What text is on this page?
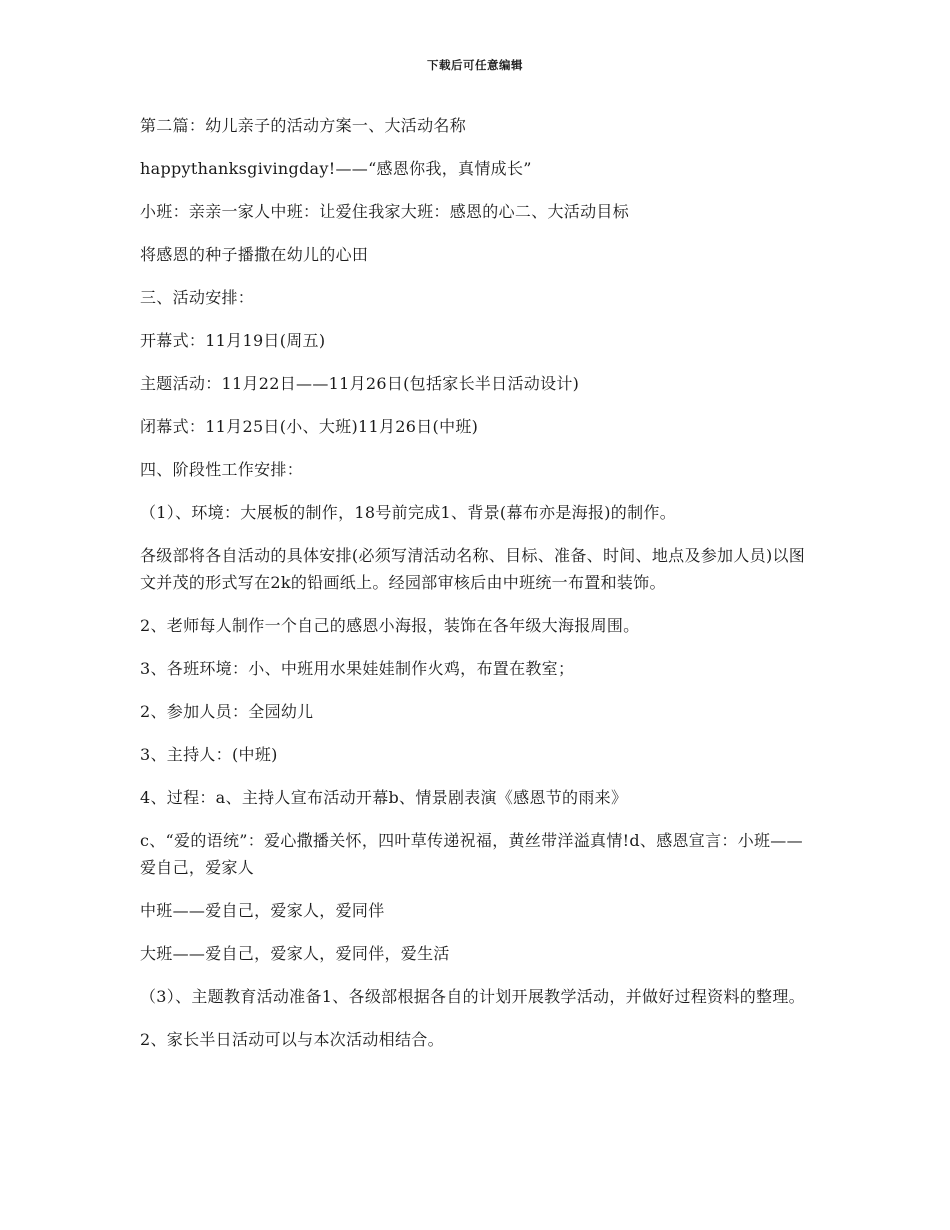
下载后可任意编辑

第二篇：幼儿亲子的活动方案一、大活动名称

happythanksgivingday!——“感恩你我，真情成长”

小班：亲亲一家人中班：让爱住我家大班：感恩的心二、大活动目标

将感恩的种子播撒在幼儿的心田

三、活动安排：

开幕式：11月19日(周五)

主题活动：11月22日——11月26日(包括家长半日活动设计)

闭幕式：11月25日(小、大班)11月26日(中班)

四、阶段性工作安排：

（1）、环境：大展板的制作，18号前完成1、背景(幕布亦是海报)的制作。

各级部将各自活动的具体安排(必须写清活动名称、目标、准备、时间、地点及参加人员)以图文并茂的形式写在2k的铅画纸上。经园部审核后由中班统一布置和装饰。

2、老师每人制作一个自己的感恩小海报，装饰在各年级大海报周围。

3、各班环境：小、中班用水果娃娃制作火鸡，布置在教室；

2、参加人员：全园幼儿

3、主持人：(中班)

4、过程：a、主持人宣布活动开幕b、情景剧表演《感恩节的雨来》

c、“爱的语统”：爱心撒播关怀，四叶草传递祝福，黄丝带洋溢真情!d、感恩宣言：小班——爱自己，爱家人

中班——爱自己，爱家人，爱同伴

大班——爱自己，爱家人，爱同伴，爱生活

（3）、主题教育活动准备1、各级部根据各自的计划开展教学活动，并做好过程资料的整理。

2、家长半日活动可以与本次活动相结合。
